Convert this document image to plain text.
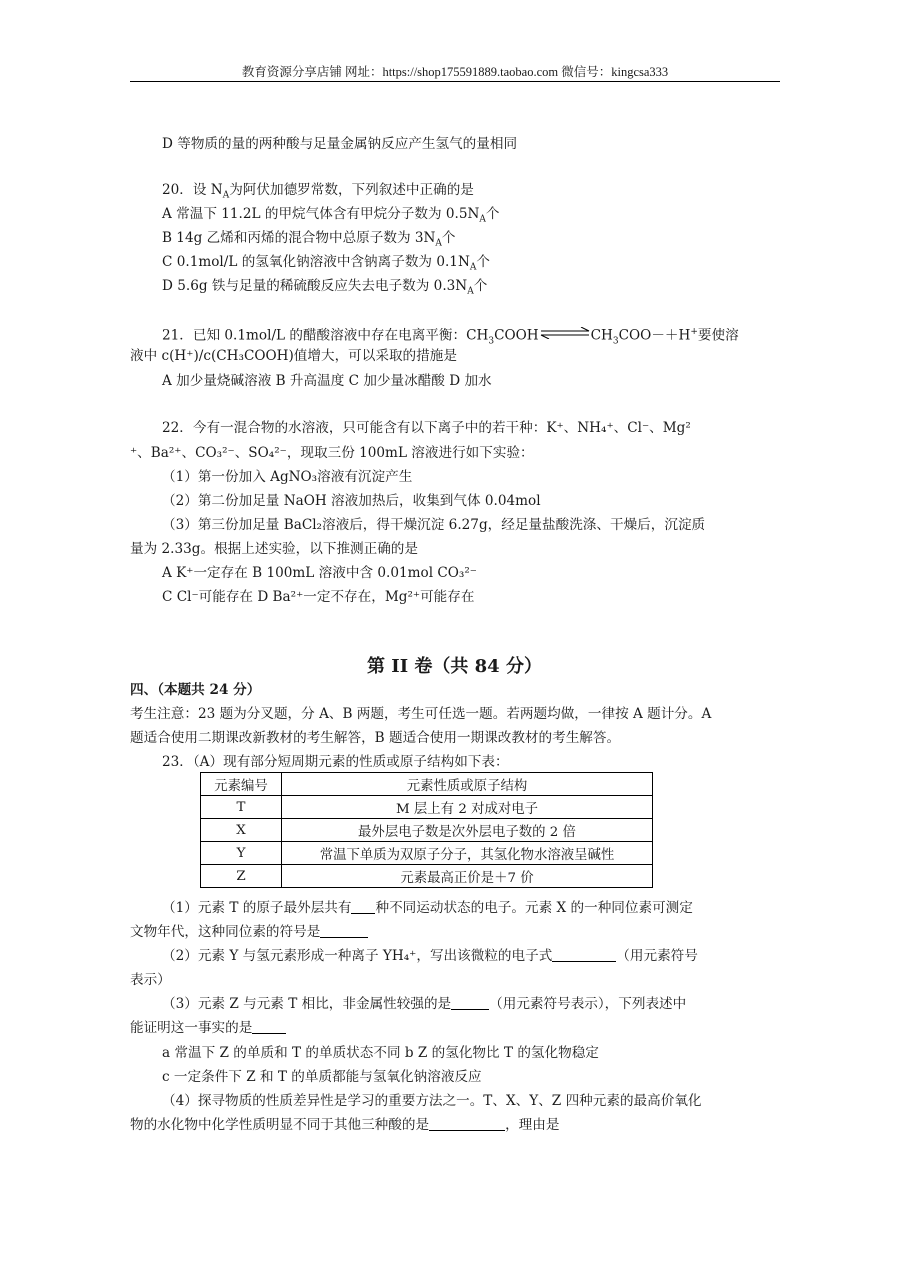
教育资源分享店铺 网址：https://shop175591889.taobao.com 微信号：kingcsa333
D 等物质的量的两种酸与足量金属钠反应产生氢气的量相同
20．设 $N_A$为阿伏加德罗常数，下列叙述中正确的是
A 常温下 11.2L 的甲烷气体含有甲烷分子数为 $0.5N_A$个
B 14g 乙烯和丙烯的混合物中总原子数为 $3N_A$个
C 0.1mol/L 的氢氧化钠溶液中含钠离子数为 $0.1N_A$个
D 5.6g 铁与足量的稀硫酸反应失去电子数为 $0.3N_A$个
21．已知 0.1mol/L 的醋酸溶液中存在电离平衡：$CH_3COOH\rightleftharpoons CH_3COO-+H^+$要使溶
液中 c(H⁺)/c(CH₃COOH)值增大，可以采取的措施是
A 加少量烧碱溶液 B 升高温度 C 加少量冰醋酸 D 加水
22．今有一混合物的水溶液，只可能含有以下离子中的若干种：K⁺、NH₄⁺、Cl⁻、Mg²
⁺、Ba²⁺、CO₃²⁻、SO₄²⁻，现取三份 100mL 溶液进行如下实验：
（1）第一份加入 AgNO₃溶液有沉淀产生
（2）第二份加足量 NaOH 溶液加热后，收集到气体 0.04mol
（3）第三份加足量 BaCl₂溶液后，得干燥沉淀 6.27g，经足量盐酸洗涤、干燥后，沉淀质
量为 2.33g。根据上述实验，以下推测正确的是
A K⁺一定存在 B 100mL 溶液中含 0.01mol CO₃²⁻
C Cl⁻可能存在 D Ba²⁺一定不存在，Mg²⁺可能存在
第 II 卷（共 84 分）
四、（本题共 24 分）
考生注意：23 题为分叉题，分 A、B 两题，考生可任选一题。若两题均做，一律按 A 题计分。A
题适合使用二期课改新教材的考生解答，B 题适合使用一期课改教材的考生解答。
23．（A）现有部分短周期元素的性质或原子结构如下表：
元素编号	元素性质或原子结构
T	M 层上有 2 对成对电子
X	最外层电子数是次外层电子数的 2 倍
Y	常温下单质为双原子分子，其氢化物水溶液呈碱性
Z	元素最高正价是＋7 价
（1）元素 T 的原子最外层共有 种不同运动状态的电子。元素 X 的一种同位素可测定
文物年代，这种同位素的符号是
（2）元素 Y 与氢元素形成一种离子 YH₄⁺，写出该微粒的电子式	（用元素符号
表示）
（3）元素 Z 与元素 T 相比，非金属性较强的是	（用元素符号表示），下列表述中
能证明这一事实的是
a 常温下 Z 的单质和 T 的单质状态不同 b Z 的氢化物比 T 的氢化物稳定
c 一定条件下 Z 和 T 的单质都能与氢氧化钠溶液反应
（4）探寻物质的性质差异性是学习的重要方法之一。T、X、Y、Z 四种元素的最高价氧化
物的水化物中化学性质明显不同于其他三种酸的是	，理由是
